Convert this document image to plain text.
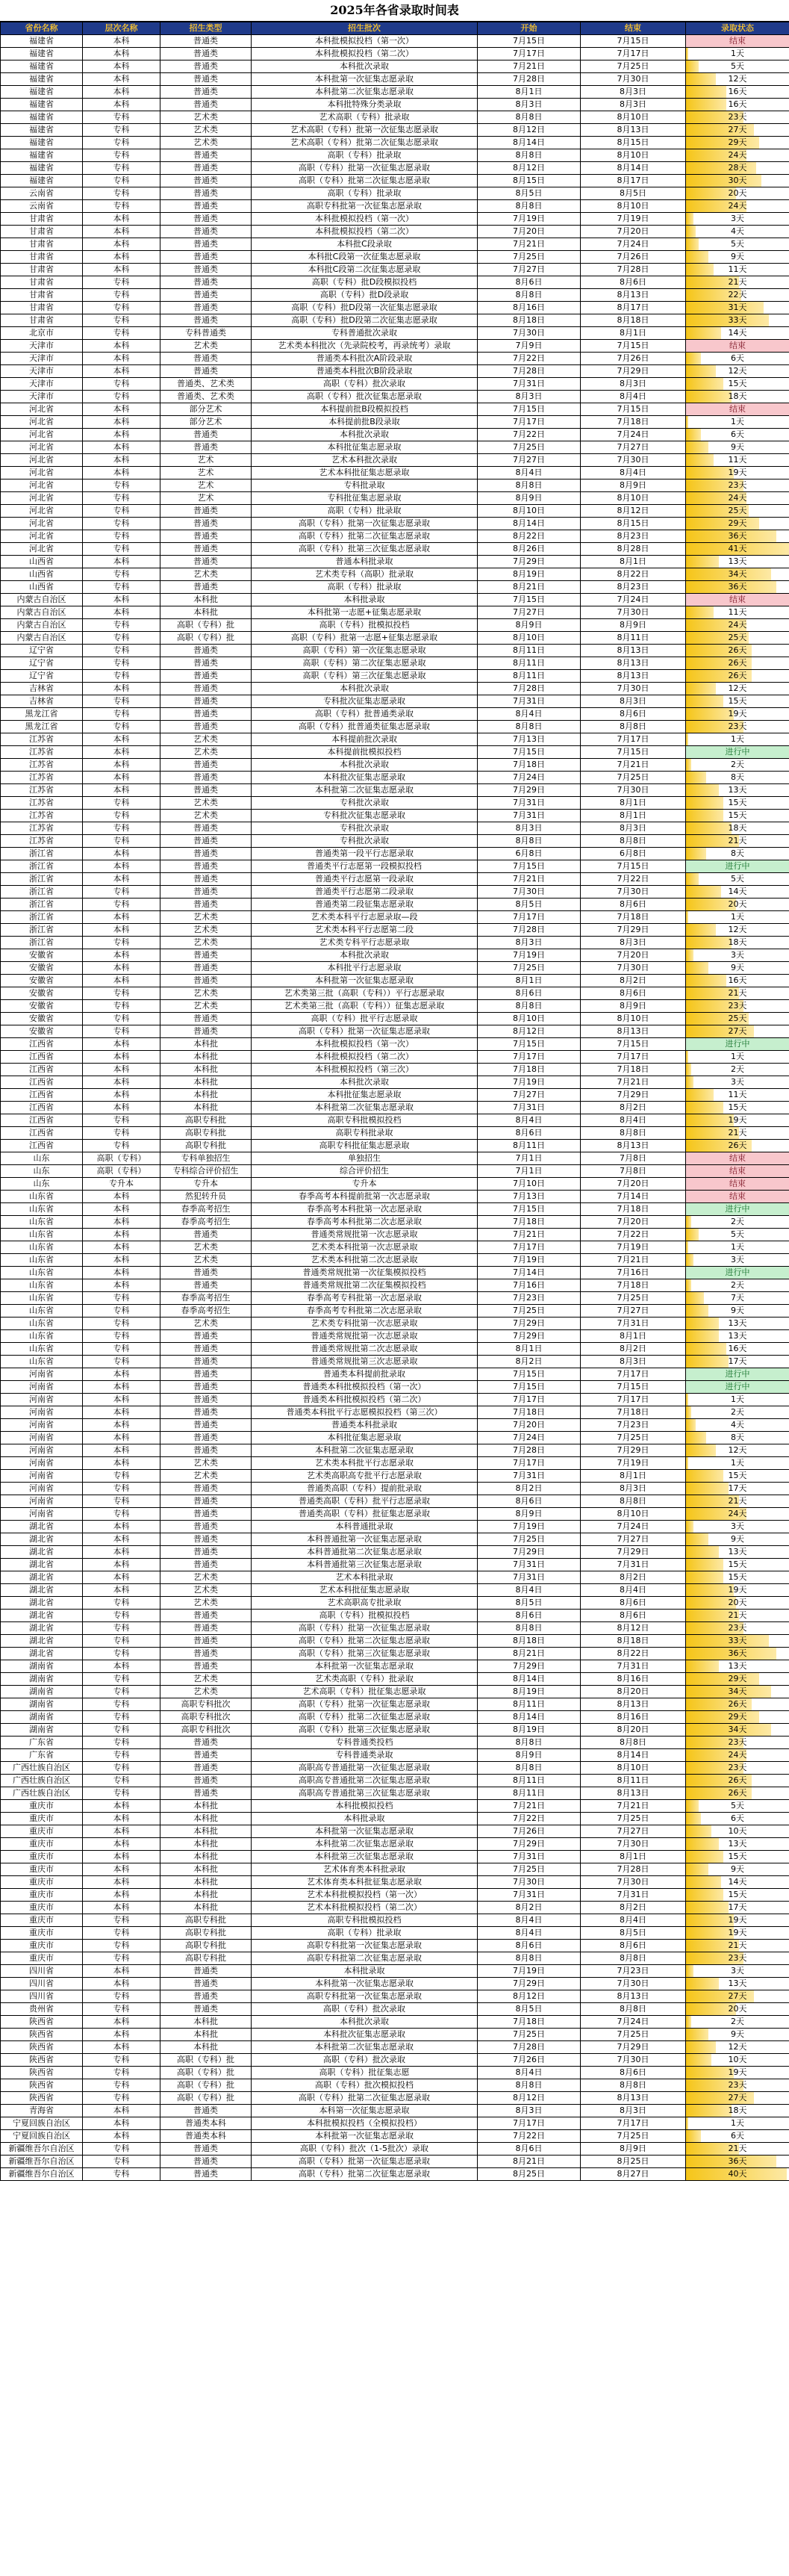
2025年各省录取时间表
省份名称	层次名称	招生类型	招生批次	开始	结束	录取状态
福建省	本科	普通类	本科批模拟投档（第一次）	7月15日	7月15日	结束
福建省	本科	普通类	本科批模拟投档（第二次）	7月17日	7月17日	1天
福建省	本科	普通类	本科批次录取	7月21日	7月25日	5天
福建省	本科	普通类	本科批第一次征集志愿录取	7月28日	7月30日	12天
福建省	本科	普通类	本科批第二次征集志愿录取	8月1日	8月3日	16天
福建省	本科	普通类	本科批特殊分类录取	8月3日	8月3日	16天
福建省	专科	艺术类	艺术高职（专科）批录取	8月8日	8月10日	23天
福建省	专科	艺术类	艺术高职（专科）批第一次征集志愿录取	8月12日	8月13日	27天
福建省	专科	艺术类	艺术高职（专科）批第二次征集志愿录取	8月14日	8月15日	29天
福建省	专科	普通类	高职（专科）批录取	8月8日	8月10日	24天
福建省	专科	普通类	高职（专科）批第一次征集志愿录取	8月12日	8月14日	28天
福建省	专科	普通类	高职（专科）批第二次征集志愿录取	8月15日	8月17日	30天
云南省	专科	普通类	高职（专科）批录取	8月5日	8月5日	20天
云南省	专科	普通类	高职专科批第一次征集志愿录取	8月8日	8月10日	24天
甘肃省	本科	普通类	本科批模拟投档（第一次）	7月19日	7月19日	3天
甘肃省	本科	普通类	本科批模拟投档（第二次）	7月20日	7月20日	4天
甘肃省	本科	普通类	本科批C段录取	7月21日	7月24日	5天
甘肃省	本科	普通类	本科批C段第一次征集志愿录取	7月25日	7月26日	9天
甘肃省	本科	普通类	本科批C段第二次征集志愿录取	7月27日	7月28日	11天
甘肃省	专科	普通类	高职（专科）批D段模拟投档	8月6日	8月6日	21天
甘肃省	专科	普通类	高职（专科）批D段录取	8月8日	8月13日	22天
甘肃省	专科	普通类	高职（专科）批D段第一次征集志愿录取	8月16日	8月17日	31天
甘肃省	专科	普通类	高职（专科）批D段第二次征集志愿录取	8月18日	8月18日	33天
北京市	专科	专科普通类	专科普通批次录取	7月30日	8月1日	14天
天津市	本科	艺术类	艺术类本科批次（先录院校考，再录统考）录取	7月9日	7月15日	结束
天津市	本科	普通类	普通类本科批次A阶段录取	7月22日	7月26日	6天
天津市	本科	普通类	普通类本科批次B阶段录取	7月28日	7月29日	12天
天津市	专科	普通类、艺术类	高职（专科）批次录取	7月31日	8月3日	15天
天津市	专科	普通类、艺术类	高职（专科）批次征集志愿录取	8月3日	8月4日	18天
河北省	本科	部分艺术	本科提前批B段模拟投档	7月15日	7月15日	结束
河北省	本科	部分艺术	本科提前批B段录取	7月17日	7月18日	1天
河北省	本科	普通类	本科批次录取	7月22日	7月24日	6天
河北省	本科	普通类	本科批征集志愿录取	7月25日	7月27日	9天
河北省	本科	艺术	艺术本科批次录取	7月27日	7月30日	11天
河北省	本科	艺术	艺术本科批征集志愿录取	8月4日	8月4日	19天
河北省	专科	艺术	专科批录取	8月8日	8月9日	23天
河北省	专科	艺术	专科批征集志愿录取	8月9日	8月10日	24天
河北省	专科	普通类	高职（专科）批录取	8月10日	8月12日	25天
河北省	专科	普通类	高职（专科）批第一次征集志愿录取	8月14日	8月15日	29天
河北省	专科	普通类	高职（专科）批第二次征集志愿录取	8月22日	8月23日	36天
河北省	专科	普通类	高职（专科）批第三次征集志愿录取	8月26日	8月28日	41天
山西省	本科	普通类	普通本科批录取	7月29日	8月1日	13天
山西省	专科	艺术类	艺术类专科（高职）批录取	8月19日	8月22日	34天
山西省	专科	普通类	高职（专科）批录取	8月21日	8月23日	36天
内蒙古自治区	本科	本科批	本科批录取	7月15日	7月24日	结束
内蒙古自治区	本科	本科批	本科批第一志愿+征集志愿录取	7月27日	7月30日	11天
内蒙古自治区	专科	高职（专科）批	高职（专科）批模拟投档	8月9日	8月9日	24天
内蒙古自治区	专科	高职（专科）批	高职（专科）批第一志愿+征集志愿录取	8月10日	8月11日	25天
辽宁省	专科	普通类	高职（专科）第一次征集志愿录取	8月11日	8月13日	26天
辽宁省	专科	普通类	高职（专科）第二次征集志愿录取	8月11日	8月13日	26天
辽宁省	专科	普通类	高职（专科）第三次征集志愿录取	8月11日	8月13日	26天
吉林省	本科	普通类	本科批次录取	7月28日	7月30日	12天
吉林省	专科	普通类	专科批次征集志愿录取	7月31日	8月3日	15天
黑龙江省	专科	普通类	高职（专科）批普通类录取	8月4日	8月6日	19天
黑龙江省	专科	普通类	高职（专科）批普通类征集志愿录取	8月8日	8月8日	23天
江苏省	本科	艺术类	本科提前批次录取	7月13日	7月17日	1天
江苏省	本科	艺术类	本科提前批模拟投档	7月15日	7月15日	进行中
江苏省	本科	普通类	本科批次录取	7月18日	7月21日	2天
江苏省	本科	普通类	本科批次征集志愿录取	7月24日	7月25日	8天
江苏省	本科	普通类	本科批第二次征集志愿录取	7月29日	7月30日	13天
江苏省	专科	艺术类	专科批次录取	7月31日	8月1日	15天
江苏省	专科	艺术类	专科批次征集志愿录取	7月31日	8月1日	15天
江苏省	专科	普通类	专科批次录取	8月3日	8月3日	18天
江苏省	专科	普通类	专科批次录取	8月8日	8月8日	21天
浙江省	本科	普通类	普通类第一段平行志愿录取	6月8日	6月8日	8天
浙江省	本科	普通类	普通类平行志愿第一段模拟投档	7月15日	7月15日	进行中
浙江省	本科	普通类	普通类平行志愿第一段录取	7月21日	7月22日	5天
浙江省	专科	普通类	普通类平行志愿第二段录取	7月30日	7月30日	14天
浙江省	专科	普通类	普通类第二段征集志愿录取	8月5日	8月6日	20天
浙江省	本科	艺术类	艺术类本科平行志愿录取—段	7月17日	7月18日	1天
浙江省	本科	艺术类	艺术类本科平行志愿第二段	7月28日	7月29日	12天
浙江省	专科	艺术类	艺术类专科平行志愿录取	8月3日	8月3日	18天
安徽省	本科	普通类	本科批次录取	7月19日	7月20日	3天
安徽省	本科	普通类	本科批平行志愿录取	7月25日	7月30日	9天
安徽省	本科	普通类	本科批第一次征集志愿录取	8月1日	8月2日	16天
安徽省	专科	艺术类	艺术类第三批（高职（专科））平行志愿录取	8月6日	8月6日	21天
安徽省	专科	艺术类	艺术类第三批（高职（专科））征集志愿录取	8月8日	8月9日	23天
安徽省	专科	普通类	高职（专科）批平行志愿录取	8月10日	8月10日	25天
安徽省	专科	普通类	高职（专科）批第一次征集志愿录取	8月12日	8月13日	27天
江西省	本科	本科批	本科批模拟投档（第一次）	7月15日	7月15日	进行中
江西省	本科	本科批	本科批模拟投档（第二次）	7月17日	7月17日	1天
江西省	本科	本科批	本科批模拟投档（第三次）	7月18日	7月18日	2天
江西省	本科	本科批	本科批次录取	7月19日	7月21日	3天
江西省	本科	本科批	本科批征集志愿录取	7月27日	7月29日	11天
江西省	本科	本科批	本科批第二次征集志愿录取	7月31日	8月2日	15天
江西省	专科	高职专科批	高职专科批模拟投档	8月4日	8月4日	19天
江西省	专科	高职专科批	高职专科批录取	8月6日	8月8日	21天
江西省	专科	高职专科批	高职专科批征集志愿录取	8月11日	8月13日	26天
山东	高职（专科）	专科单独招生	单独招生	7月1日	7月8日	结束
山东	高职（专科）	专科综合评价招生	综合评价招生	7月1日	7月8日	结束
山东	专升本	专升本	专升本	7月10日	7月20日	结束
山东省	本科	然犯转升员	春季高考本科提前批第一次志愿录取	7月13日	7月14日	结束
山东省	本科	春季高考招生	春季高考本科批第一次志愿录取	7月15日	7月18日	进行中
山东省	本科	春季高考招生	春季高考本科批第二次志愿录取	7月18日	7月20日	2天
山东省	本科	普通类	普通类常规批第一次志愿录取	7月21日	7月22日	5天
山东省	本科	艺术类	艺术类本科批第一次志愿录取	7月17日	7月19日	1天
山东省	本科	艺术类	艺术类本科批第二次志愿录取	7月19日	7月21日	3天
山东省	本科	普通类	普通类常规批第一次征集模拟投档	7月14日	7月16日	进行中
山东省	本科	普通类	普通类常规批第二次征集模拟投档	7月16日	7月18日	2天
山东省	专科	春季高考招生	春季高考专科批第一次志愿录取	7月23日	7月25日	7天
山东省	专科	春季高考招生	春季高考专科批第二次志愿录取	7月25日	7月27日	9天
山东省	专科	艺术类	艺术类专科批第一次志愿录取	7月29日	7月31日	13天
山东省	专科	普通类	普通类常规批第一次志愿录取	7月29日	8月1日	13天
山东省	专科	普通类	普通类常规批第二次志愿录取	8月1日	8月2日	16天
山东省	专科	普通类	普通类常规批第三次志愿录取	8月2日	8月3日	17天
河南省	本科	普通类	普通类本科提前批录取	7月15日	7月17日	进行中
河南省	本科	普通类	普通类本科批模拟投档（第一次）	7月15日	7月15日	进行中
河南省	本科	普通类	普通类本科批模拟投档（第二次）	7月17日	7月17日	1天
河南省	本科	普通类	普通类本科批平行志愿模拟投档（第三次）	7月18日	7月18日	2天
河南省	本科	普通类	普通类本科批录取	7月20日	7月23日	4天
河南省	本科	普通类	本科批征集志愿录取	7月24日	7月25日	8天
河南省	本科	普通类	本科批第二次征集志愿录取	7月28日	7月29日	12天
河南省	本科	艺术类	艺术类本科批平行志愿录取	7月17日	7月19日	1天
河南省	专科	艺术类	艺术类高职高专批平行志愿录取	7月31日	8月1日	15天
河南省	专科	普通类	普通类高职（专科）提前批录取	8月2日	8月3日	17天
河南省	专科	普通类	普通类高职（专科）批平行志愿录取	8月6日	8月8日	21天
河南省	专科	普通类	普通类高职（专科）批征集志愿录取	8月9日	8月10日	24天
湖北省	本科	普通类	本科普通批录取	7月19日	7月24日	3天
湖北省	本科	普通类	本科普通批第一次征集志愿录取	7月25日	7月27日	9天
湖北省	本科	普通类	本科普通批第二次征集志愿录取	7月29日	7月29日	13天
湖北省	本科	普通类	本科普通批第三次征集志愿录取	7月31日	7月31日	15天
湖北省	本科	艺术类	艺术本科批录取	7月31日	8月2日	15天
湖北省	本科	艺术类	艺术本科批征集志愿录取	8月4日	8月4日	19天
湖北省	专科	艺术类	艺术高职高专批录取	8月5日	8月6日	20天
湖北省	专科	普通类	高职（专科）批模拟投档	8月6日	8月6日	21天
湖北省	专科	普通类	高职（专科）批第一次征集志愿录取	8月8日	8月12日	23天
湖北省	专科	普通类	高职（专科）批第二次征集志愿录取	8月18日	8月18日	33天
湖北省	专科	普通类	高职（专科）批第三次征集志愿录取	8月21日	8月22日	36天
湖南省	本科	普通类	本科批第一次征集志愿录取	7月29日	7月31日	13天
湖南省	专科	艺术类	艺术类高职（专科）批录取	8月14日	8月16日	29天
湖南省	专科	艺术类	艺术高职（专科）批征集志愿录取	8月19日	8月20日	34天
湖南省	专科	高职专科批次	高职（专科）批第一次征集志愿录取	8月11日	8月13日	26天
湖南省	专科	高职专科批次	高职（专科）批第二次征集志愿录取	8月14日	8月16日	29天
湖南省	专科	高职专科批次	高职（专科）批第三次征集志愿录取	8月19日	8月20日	34天
广东省	专科	普通类	专科普通类投档	8月8日	8月8日	23天
广东省	专科	普通类	专科普通类录取	8月9日	8月14日	24天
广西壮族自治区	专科	普通类	高职高专普通批第一次征集志愿录取	8月8日	8月10日	23天
广西壮族自治区	专科	普通类	高职高专普通批第二次征集志愿录取	8月11日	8月11日	26天
广西壮族自治区	专科	普通类	高职高专普通批第三次征集志愿录取	8月11日	8月13日	26天
重庆市	本科	本科批	本科批模拟投档	7月21日	7月21日	5天
重庆市	本科	本科批	本科批录取	7月22日	7月25日	6天
重庆市	本科	本科批	本科批第一次征集志愿录取	7月26日	7月27日	10天
重庆市	本科	本科批	本科批第二次征集志愿录取	7月29日	7月30日	13天
重庆市	本科	本科批	本科批第三次征集志愿录取	7月31日	8月1日	15天
重庆市	本科	本科批	艺术体育类本科批录取	7月25日	7月28日	9天
重庆市	本科	本科批	艺术体育类本科批征集志愿录取	7月30日	7月30日	14天
重庆市	本科	本科批	艺术本科批模拟投档（第一次）	7月31日	7月31日	15天
重庆市	本科	本科批	艺术本科批模拟投档（第二次）	8月2日	8月2日	17天
重庆市	专科	高职专科批	高职专科批模拟投档	8月4日	8月4日	19天
重庆市	专科	高职专科批	高职（专科）批录取	8月4日	8月5日	19天
重庆市	专科	高职专科批	高职专科批第一次征集志愿录取	8月6日	8月6日	21天
重庆市	专科	高职专科批	高职专科批第二次征集志愿录取	8月8日	8月8日	23天
四川省	本科	普通类	本科批录取	7月19日	7月23日	3天
四川省	本科	普通类	本科批第一次征集志愿录取	7月29日	7月30日	13天
四川省	专科	普通类	高职专科批第一次征集志愿录取	8月12日	8月13日	27天
贵州省	专科	普通类	高职（专科）批次录取	8月5日	8月8日	20天
陕西省	本科	本科批	本科批次录取	7月18日	7月24日	2天
陕西省	本科	本科批	本科批次征集志愿录取	7月25日	7月25日	9天
陕西省	本科	本科批	本科批第二次征集志愿录取	7月28日	7月29日	12天
陕西省	专科	高职（专科）批	高职（专科）批次录取	7月26日	7月30日	10天
陕西省	专科	高职（专科）批	高职（专科）批征集志愿	8月4日	8月6日	19天
陕西省	专科	高职（专科）批	高职（专科）批次模拟投档	8月8日	8月8日	23天
陕西省	专科	高职（专科）批	高职（专科）批第二次征集志愿录取	8月12日	8月13日	27天
青海省	本科	普通类	本科第一次征集志愿录取	8月3日	8月3日	18天
宁夏回族自治区	本科	普通类本科	本科批模拟投档（全模拟投档）	7月17日	7月17日	1天
宁夏回族自治区	本科	普通类本科	本科批第一次征集志愿录取	7月22日	7月25日	6天
新疆维吾尔自治区	专科	普通类	高职（专科）批次（1-5批次）录取	8月6日	8月9日	21天
新疆维吾尔自治区	专科	普通类	高职（专科）批第一次征集志愿录取	8月21日	8月25日	36天
新疆维吾尔自治区	专科	普通类	高职（专科）批第二次征集志愿录取	8月25日	8月27日	40天
